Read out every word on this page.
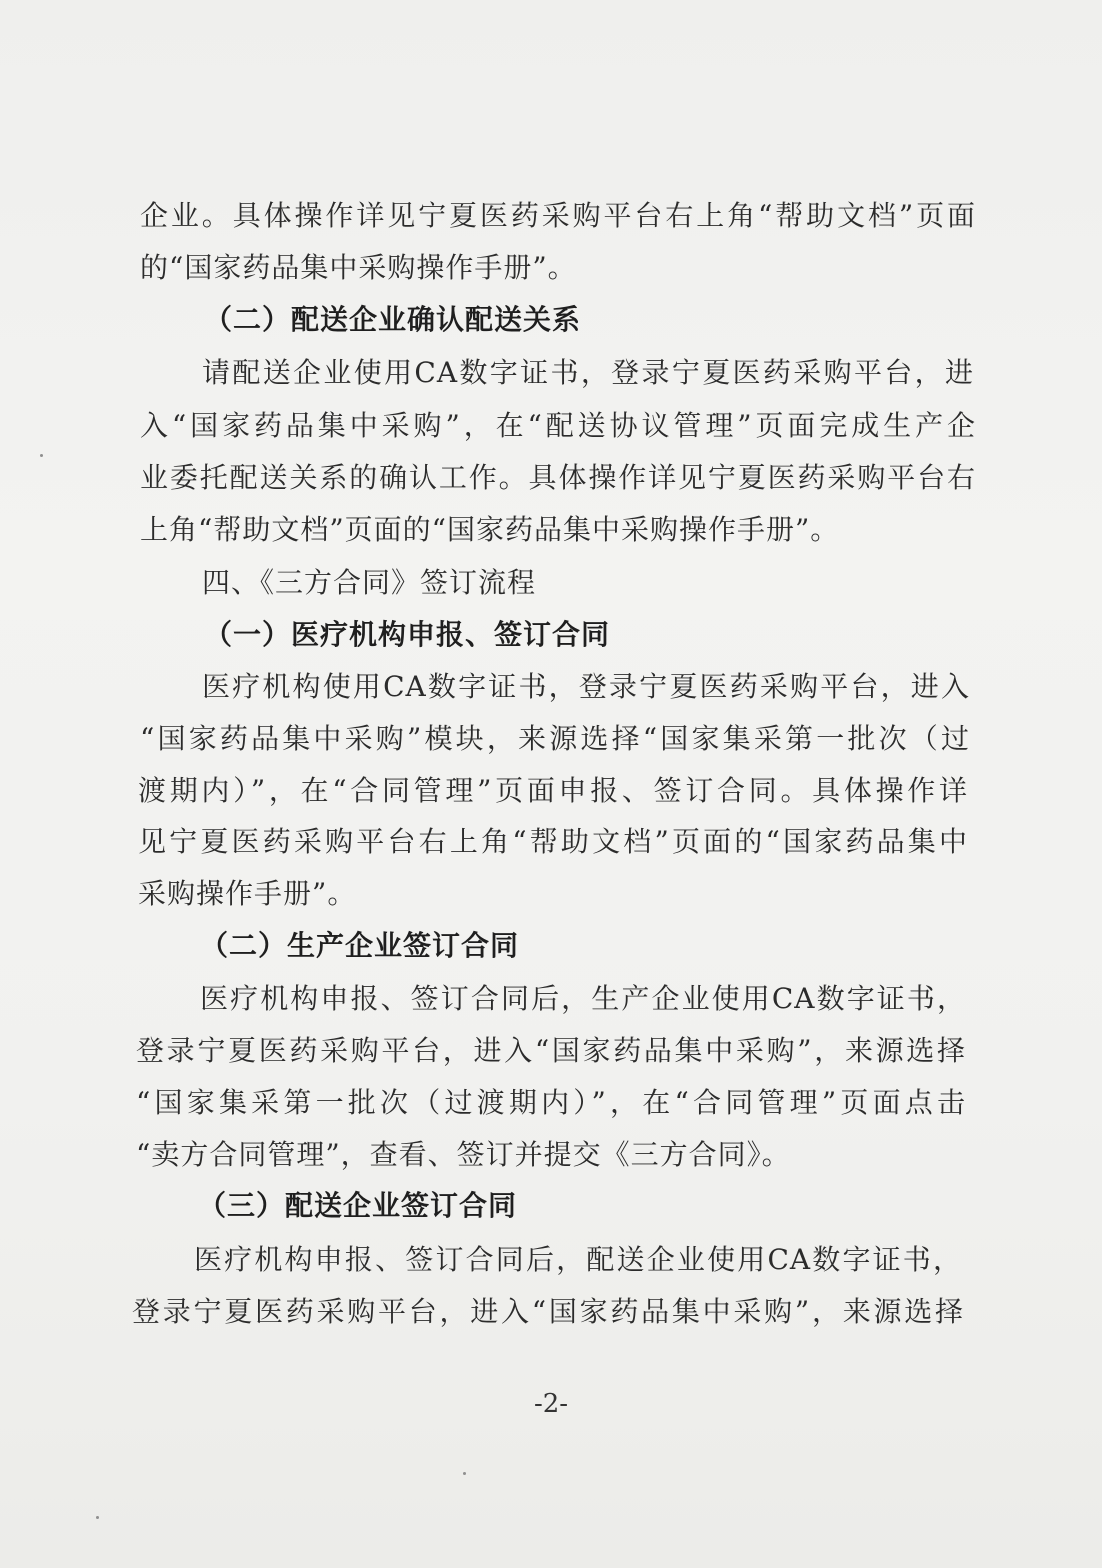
企业。具体操作详见宁夏医药采购平台右上角“帮助文档”页面

的“国家药品集中采购操作手册”。

（二）配送企业确认配送关系

请配送企业使用CA数字证书，登录宁夏医药采购平台，进

入“国家药品集中采购”，在“配送协议管理”页面完成生产企

业委托配送关系的确认工作。具体操作详见宁夏医药采购平台右

上角“帮助文档”页面的“国家药品集中采购操作手册”。

四、《三方合同》签订流程

（一）医疗机构申报、签订合同

医疗机构使用CA数字证书，登录宁夏医药采购平台，进入

“国家药品集中采购”模块，来源选择“国家集采第一批次（过

渡期内）”，在“合同管理”页面申报、签订合同。具体操作详

见宁夏医药采购平台右上角“帮助文档”页面的“国家药品集中

采购操作手册”。

（二）生产企业签订合同

医疗机构申报、签订合同后，生产企业使用CA数字证书，

登录宁夏医药采购平台，进入“国家药品集中采购”，来源选择

“国家集采第一批次（过渡期内）”，在“合同管理”页面点击

“卖方合同管理”，查看、签订并提交《三方合同》。

（三）配送企业签订合同

医疗机构申报、签订合同后，配送企业使用CA数字证书，

登录宁夏医药采购平台，进入“国家药品集中采购”，来源选择

-2-
